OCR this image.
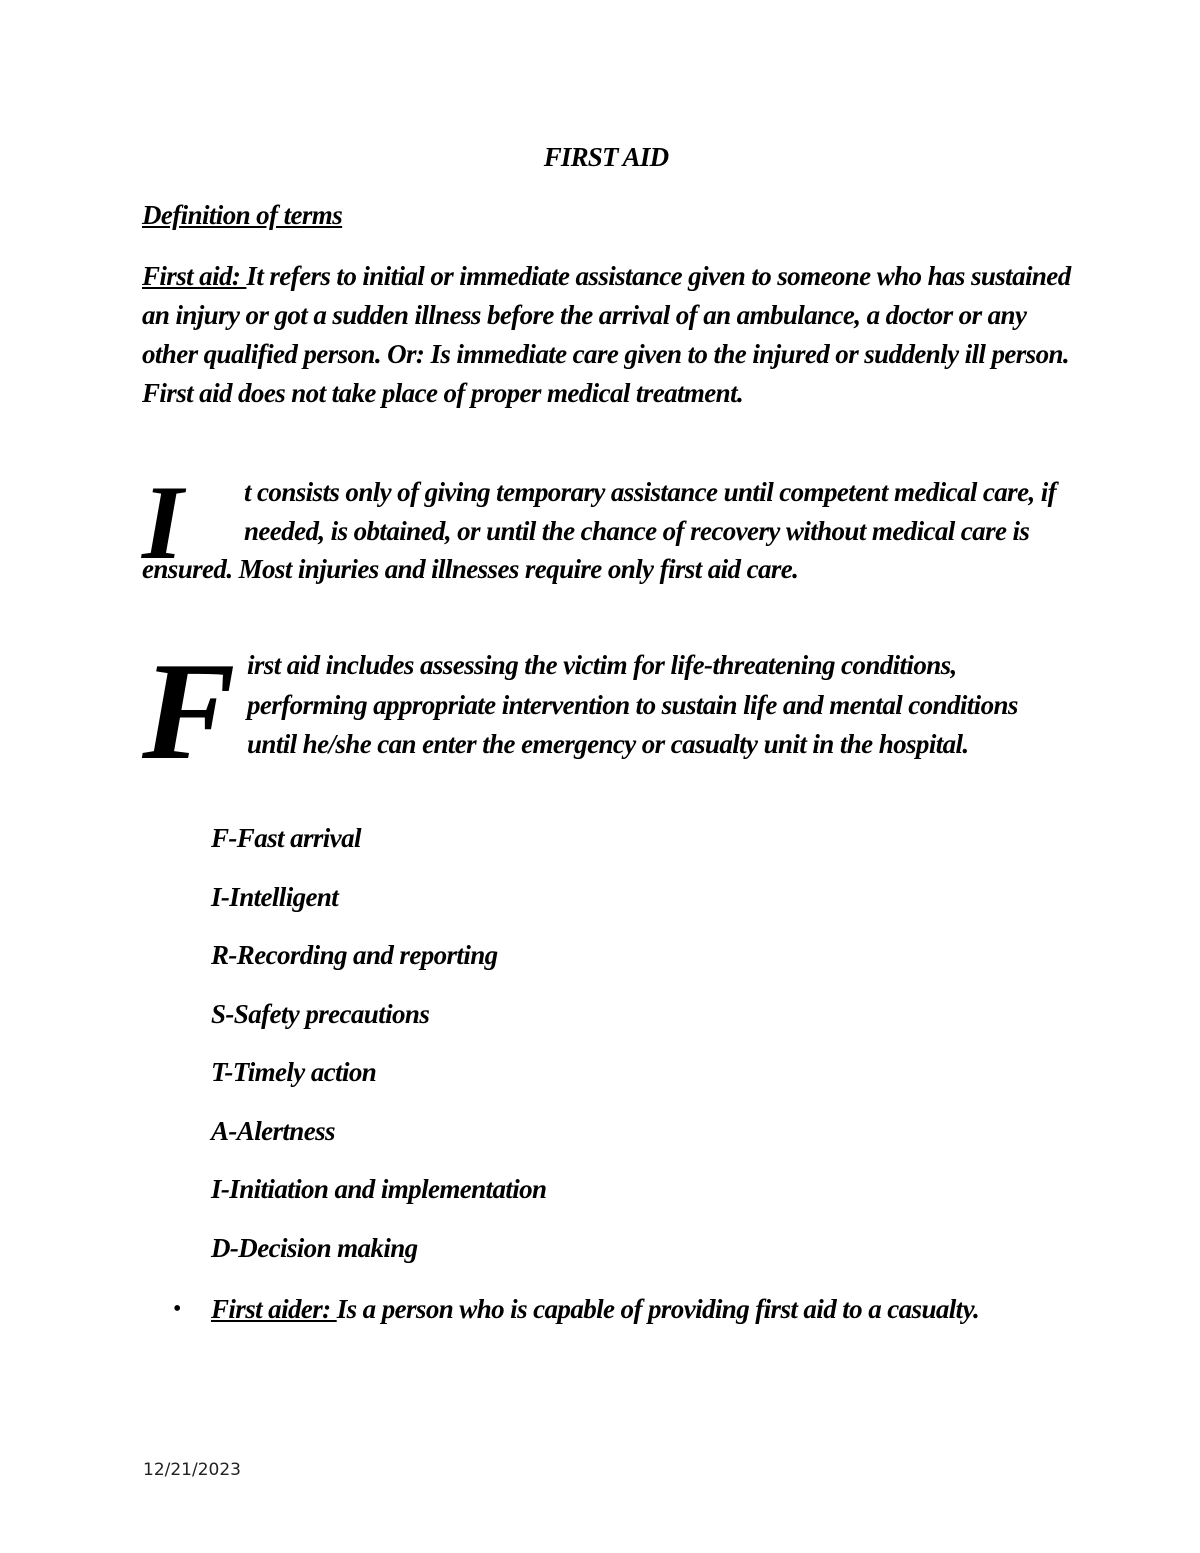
FIRST AID
Definition of terms

First aid: It refers to initial or immediate assistance given to someone who has sustained an injury or got a sudden illness before the arrival of an ambulance, a doctor or any other qualified person. Or: Is immediate care given to the injured or suddenly ill person. First aid does not take place of proper medical treatment.

I	t consists only of giving temporary assistance until competent medical care, if needed, is obtained, or until the chance of recovery without medical care is ensured. Most injuries and illnesses require only first aid care.

First aid includes assessing the victim for life-threatening conditions, performing appropriate intervention to sustain life and mental conditions until he/she can enter the emergency or casualty unit in the hospital.

F-Fast arrival
I-Intelligent
R-Recording and reporting
S-Safety precautions
T-Timely action
A-Alertness
I-Initiation and implementation
D-Decision making

• First aider: Is a person who is capable of providing first aid to a casualty.

12/21/2023
